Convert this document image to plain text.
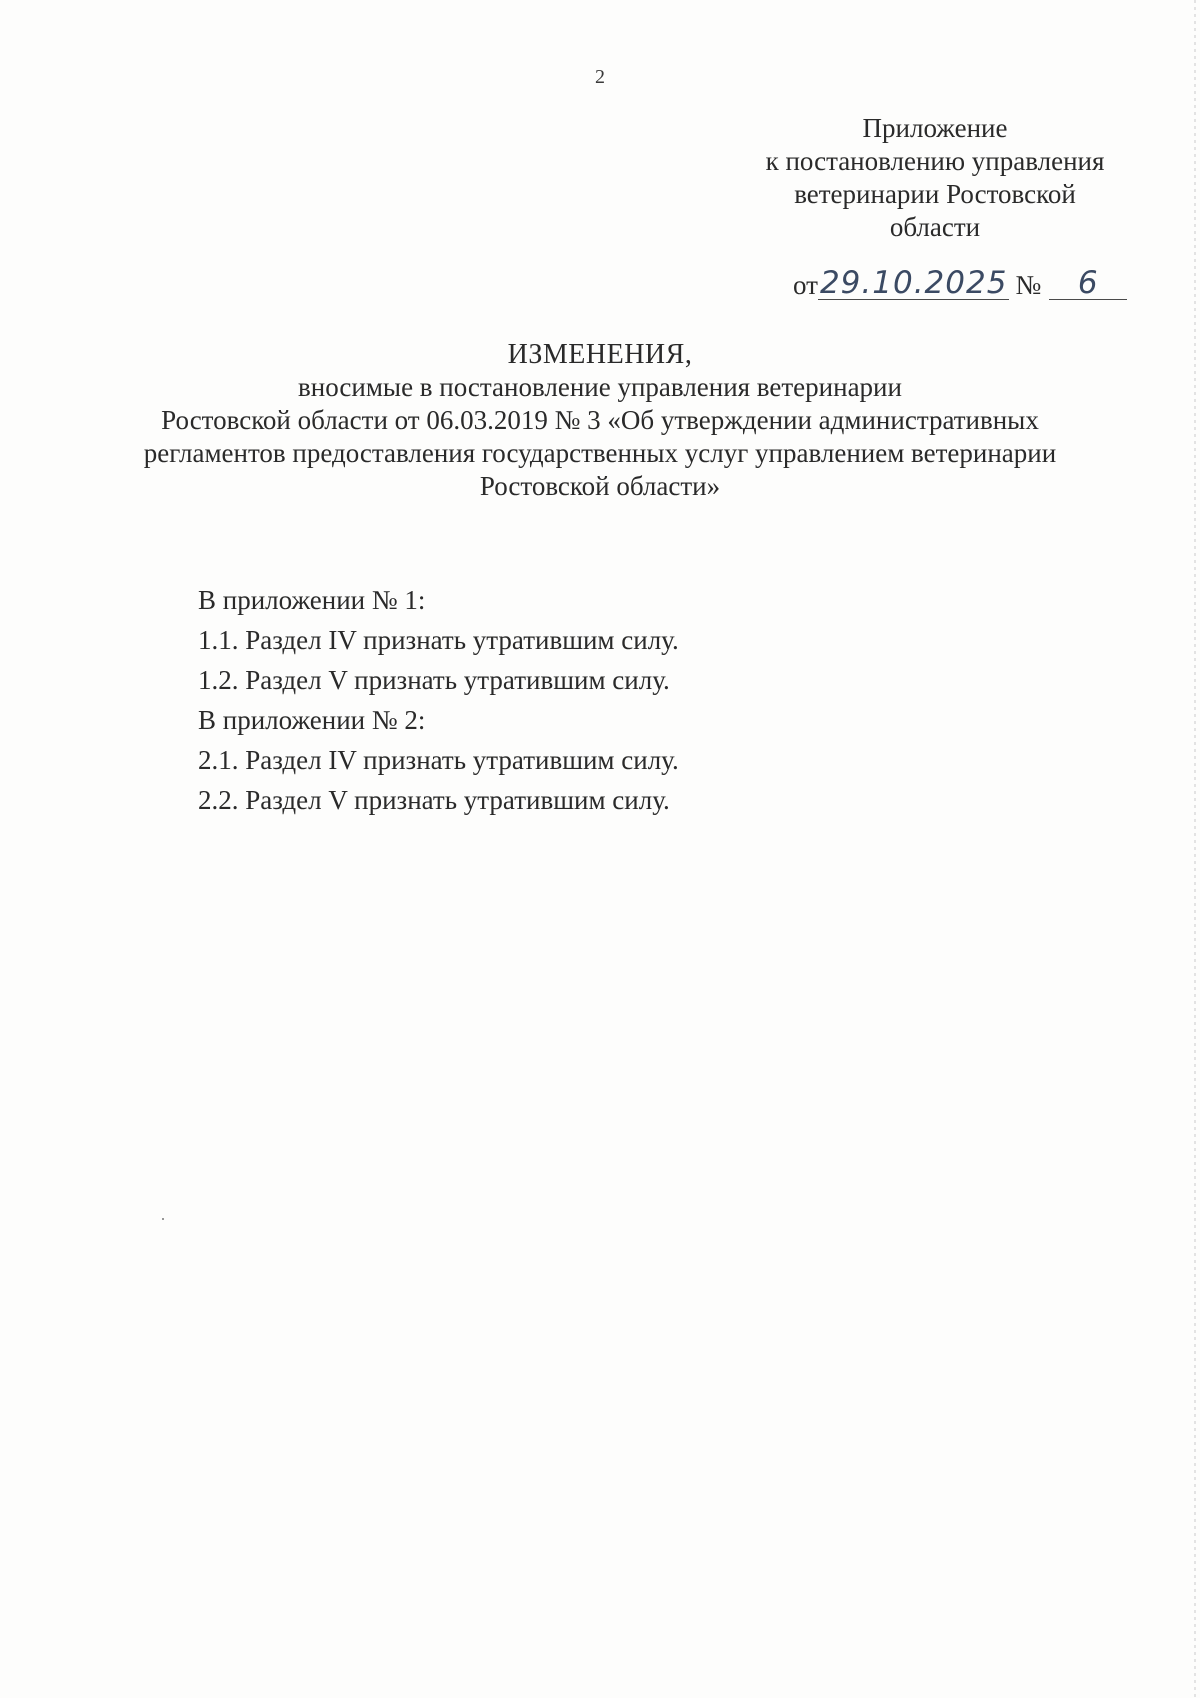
2
Приложение
к постановлению управления
ветеринарии Ростовской
области
от 29.10.2025 №	6
ИЗМЕНЕНИЯ,
вносимые в постановление управления ветеринарии
Ростовской области от 06.03.2019 № 3 «Об утверждении административных
регламентов предоставления государственных услуг управлением ветеринарии
Ростовской области»
В приложении № 1:
1.1. Раздел IV признать утратившим силу.
1.2. Раздел V признать утратившим силу.
В приложении № 2:
2.1. Раздел IV признать утратившим силу.
2.2. Раздел V признать утратившим силу.
